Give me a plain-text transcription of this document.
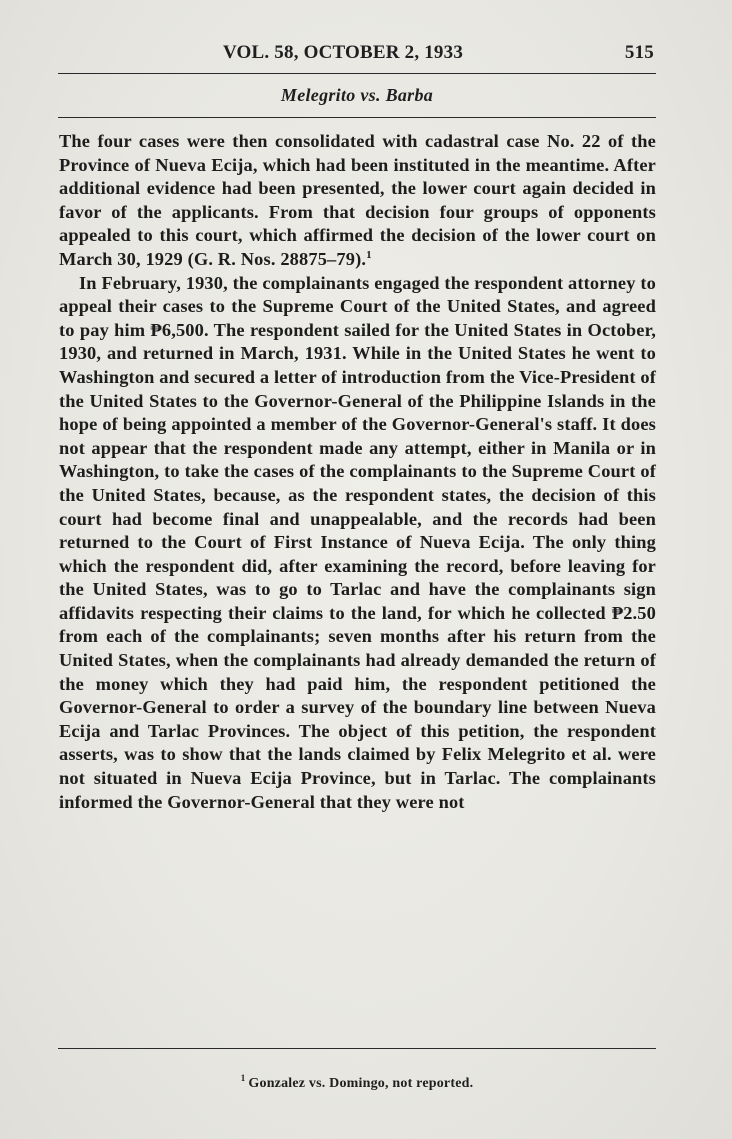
VOL. 58, OCTOBER 2, 1933	515
Melegrito vs. Barba

The four cases were then consolidated with cadastral case No. 22 of the Province of Nueva Ecija, which had been instituted in the meantime. After additional evidence had been presented, the lower court again decided in favor of the applicants. From that decision four groups of opponents appealed to this court, which affirmed the decision of the lower court on March 30, 1929 (G. R. Nos. 28875–79).$^1$

In February, 1930, the complainants engaged the respondent attorney to appeal their cases to the Supreme Court of the United States, and agreed to pay him ₱6,500. The respondent sailed for the United States in October, 1930, and returned in March, 1931. While in the United States he went to Washington and secured a letter of introduction from the Vice-President of the United States to the Governor-General of the Philippine Islands in the hope of being appointed a member of the Governor-General's staff. It does not appear that the respondent made any attempt, either in Manila or in Washington, to take the cases of the complainants to the Supreme Court of the United States, because, as the respondent states, the decision of this court had become final and unappealable, and the records had been returned to the Court of First Instance of Nueva Ecija. The only thing which the respondent did, after examining the record, before leaving for the United States, was to go to Tarlac and have the complainants sign affidavits respecting their claims to the land, for which he collected ₱2.50 from each of the complainants; seven months after his return from the United States, when the complainants had already demanded the return of the money which they had paid him, the respondent petitioned the Governor-General to order a survey of the boundary line between Nueva Ecija and Tarlac Provinces. The object of this petition, the respondent asserts, was to show that the lands claimed by Felix Melegrito et al. were not situated in Nueva Ecija Province, but in Tarlac. The complainants informed the Governor-General that they were not

$^1$ Gonzalez vs. Domingo, not reported.
